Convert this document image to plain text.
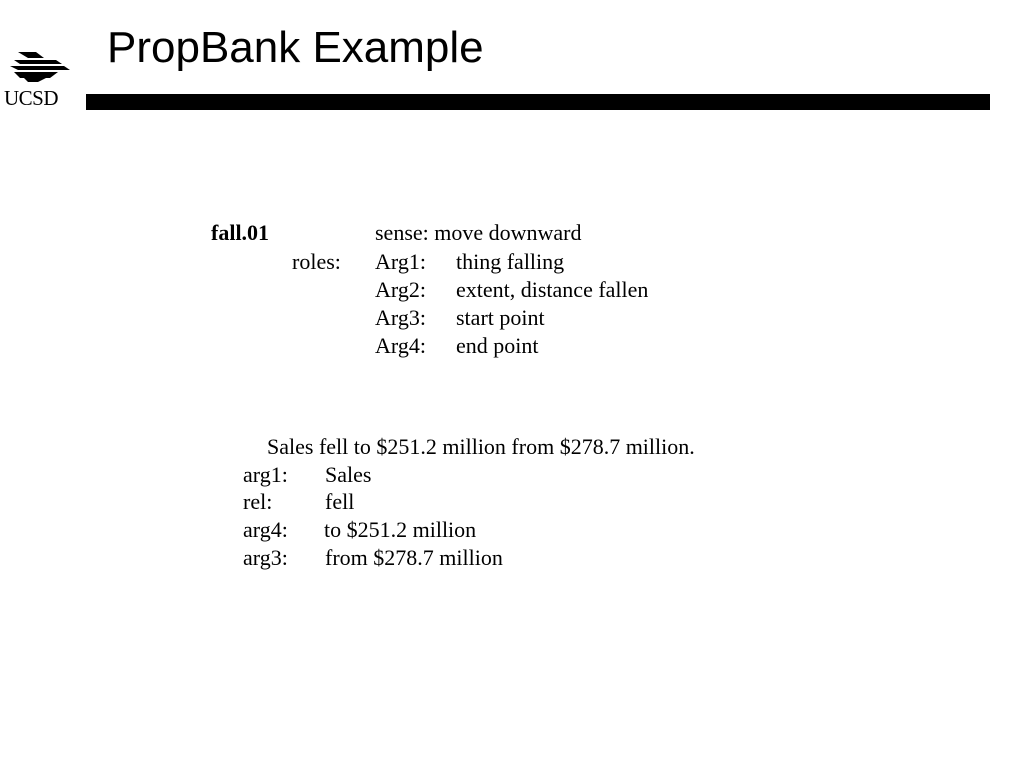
UCSD
PropBank Example
fall.01	sense: move downward
roles: Arg1: thing falling
Arg2: extent, distance fallen
Arg3: start point
Arg4: end point
Sales fell to $251.2 million from $278.7 million.
arg1: Sales
rel: fell
arg4: to $251.2 million
arg3: from $278.7 million
